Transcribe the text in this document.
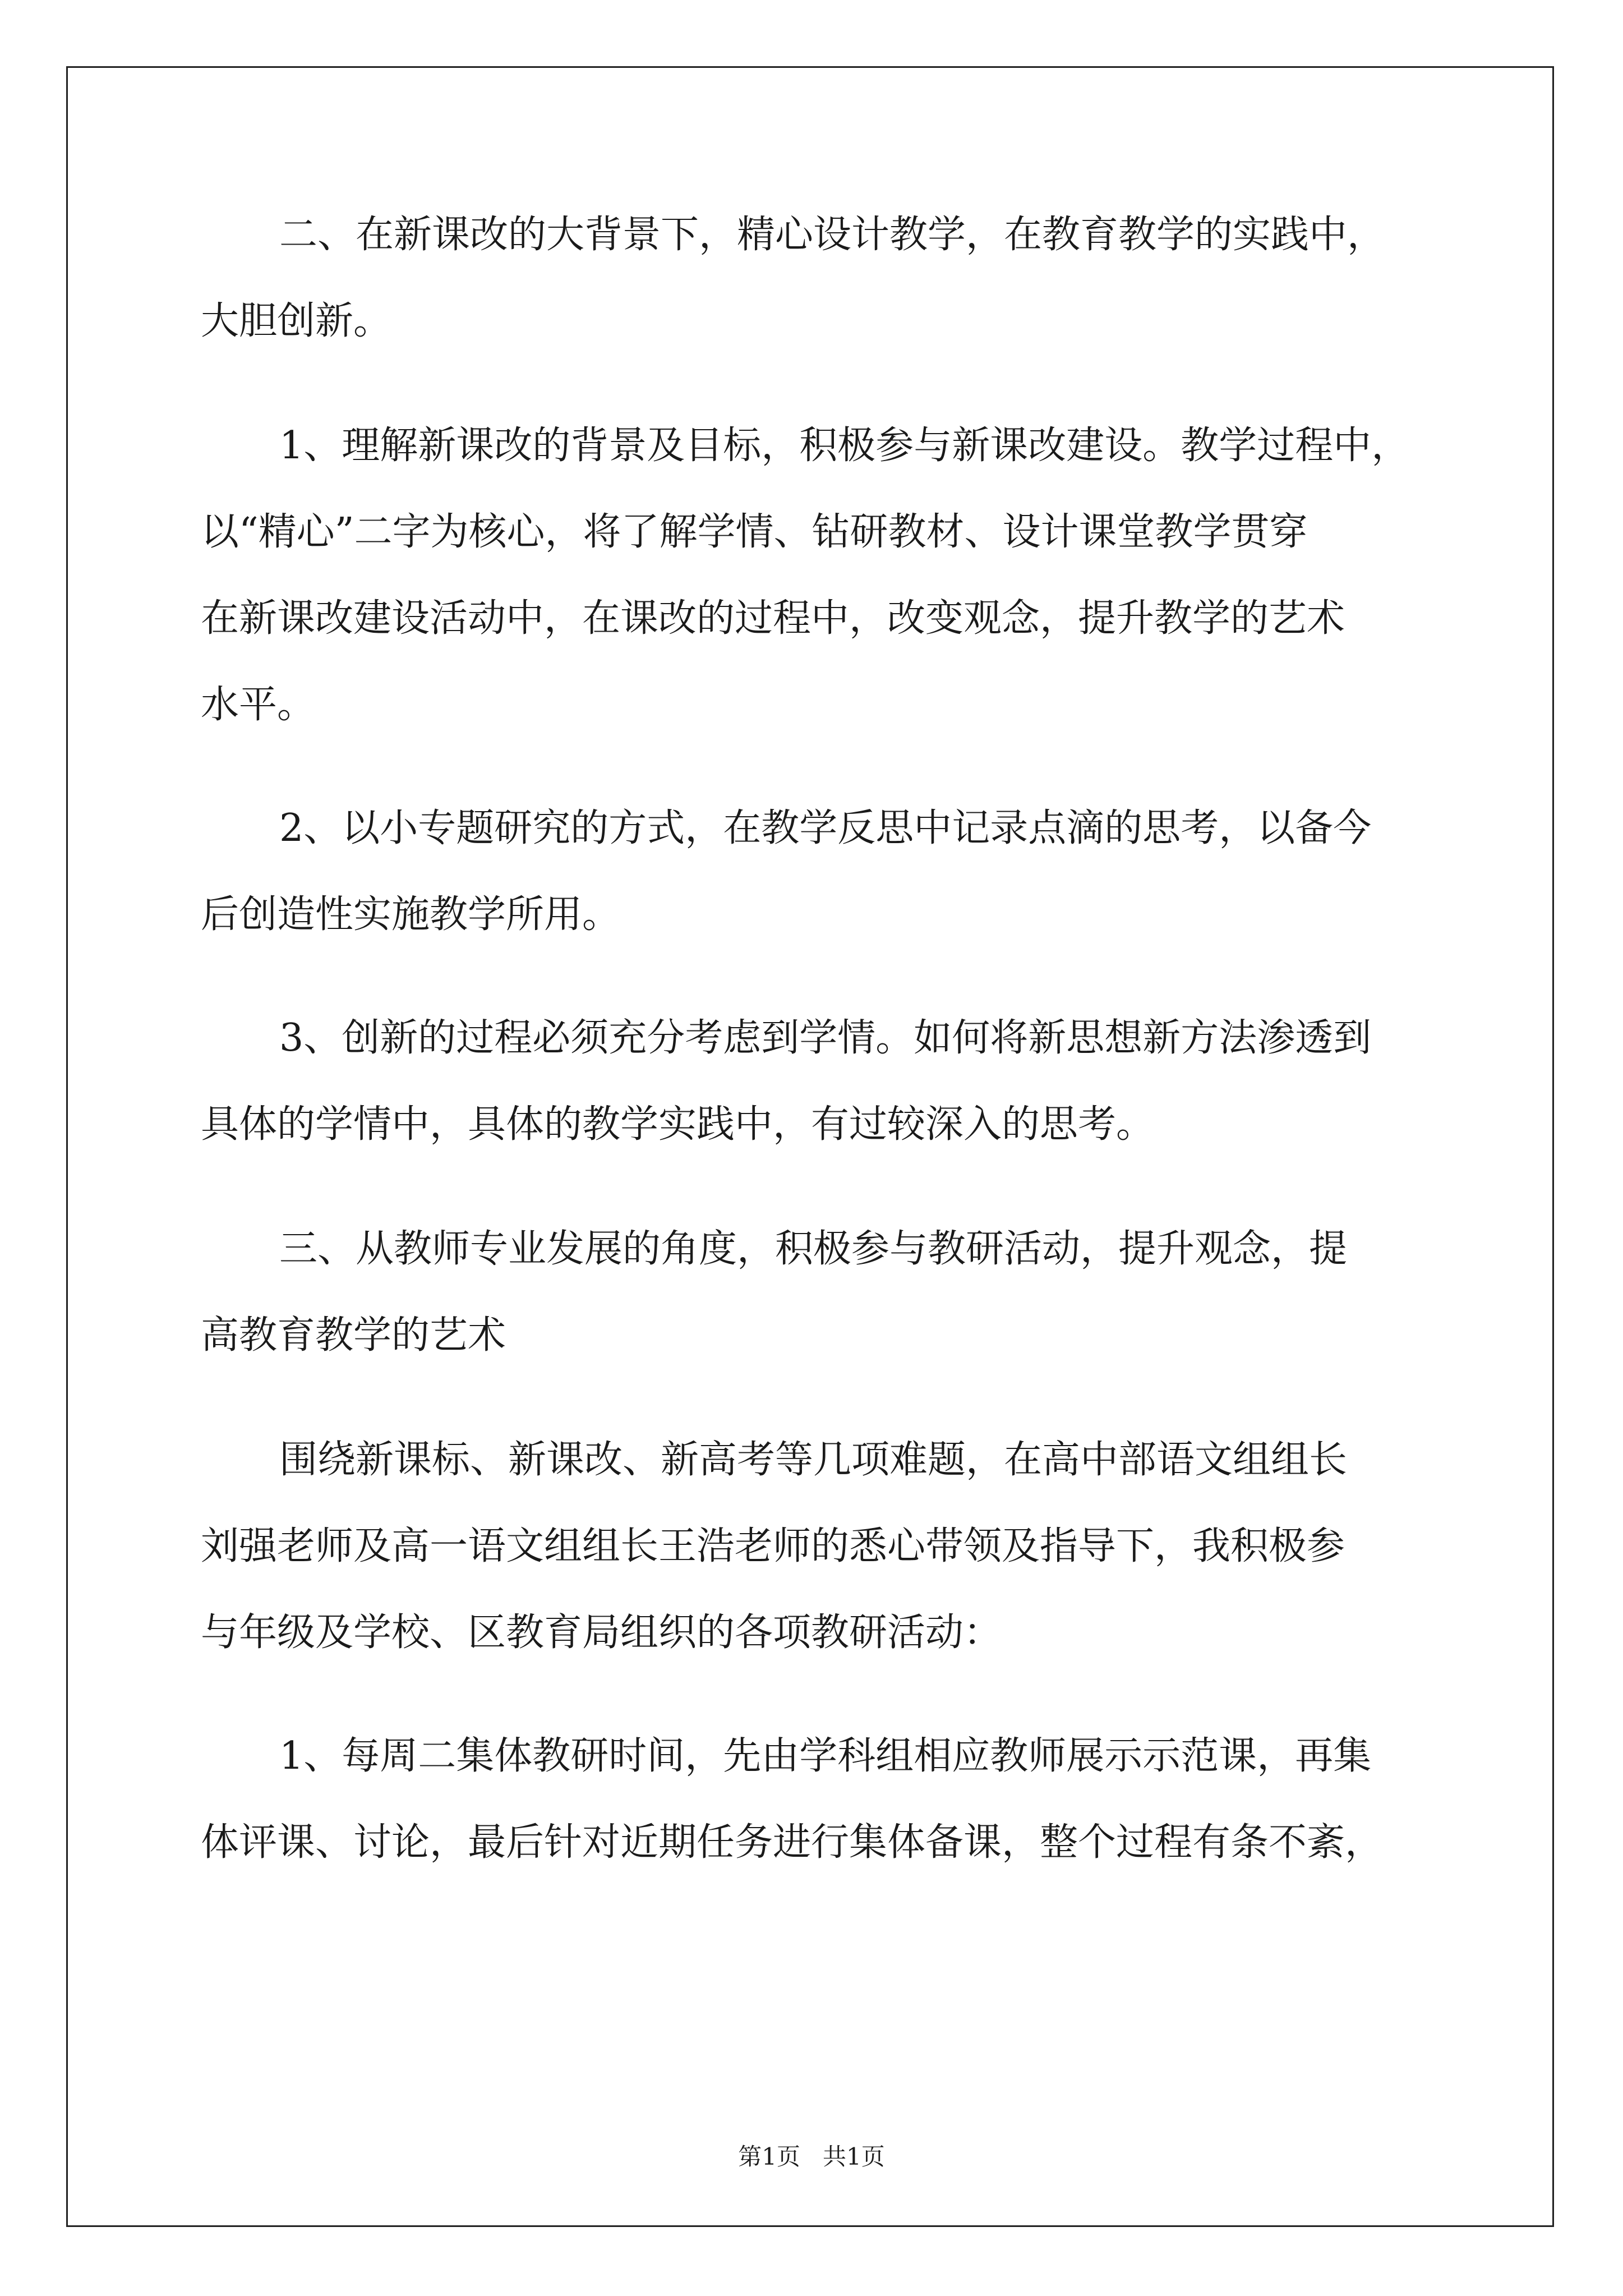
二、在新课改的大背景下，精心设计教学，在教育教学的实践中，
大胆创新。
1、理解新课改的背景及目标，积极参与新课改建设。教学过程中，
以“精心”二字为核心，将了解学情、钻研教材、设计课堂教学贯穿
在新课改建设活动中，在课改的过程中，改变观念，提升教学的艺术
水平。
2、以小专题研究的方式，在教学反思中记录点滴的思考，以备今
后创造性实施教学所用。
3、创新的过程必须充分考虑到学情。如何将新思想新方法渗透到
具体的学情中，具体的教学实践中，有过较深入的思考。
三、从教师专业发展的角度，积极参与教研活动，提升观念，提
高教育教学的艺术
围绕新课标、新课改、新高考等几项难题，在高中部语文组组长
刘强老师及高一语文组组长王浩老师的悉心带领及指导下，我积极参
与年级及学校、区教育局组织的各项教研活动：
1、每周二集体教研时间，先由学科组相应教师展示示范课，再集
体评课、讨论，最后针对近期任务进行集体备课，整个过程有条不紊，
第1页   共1页
